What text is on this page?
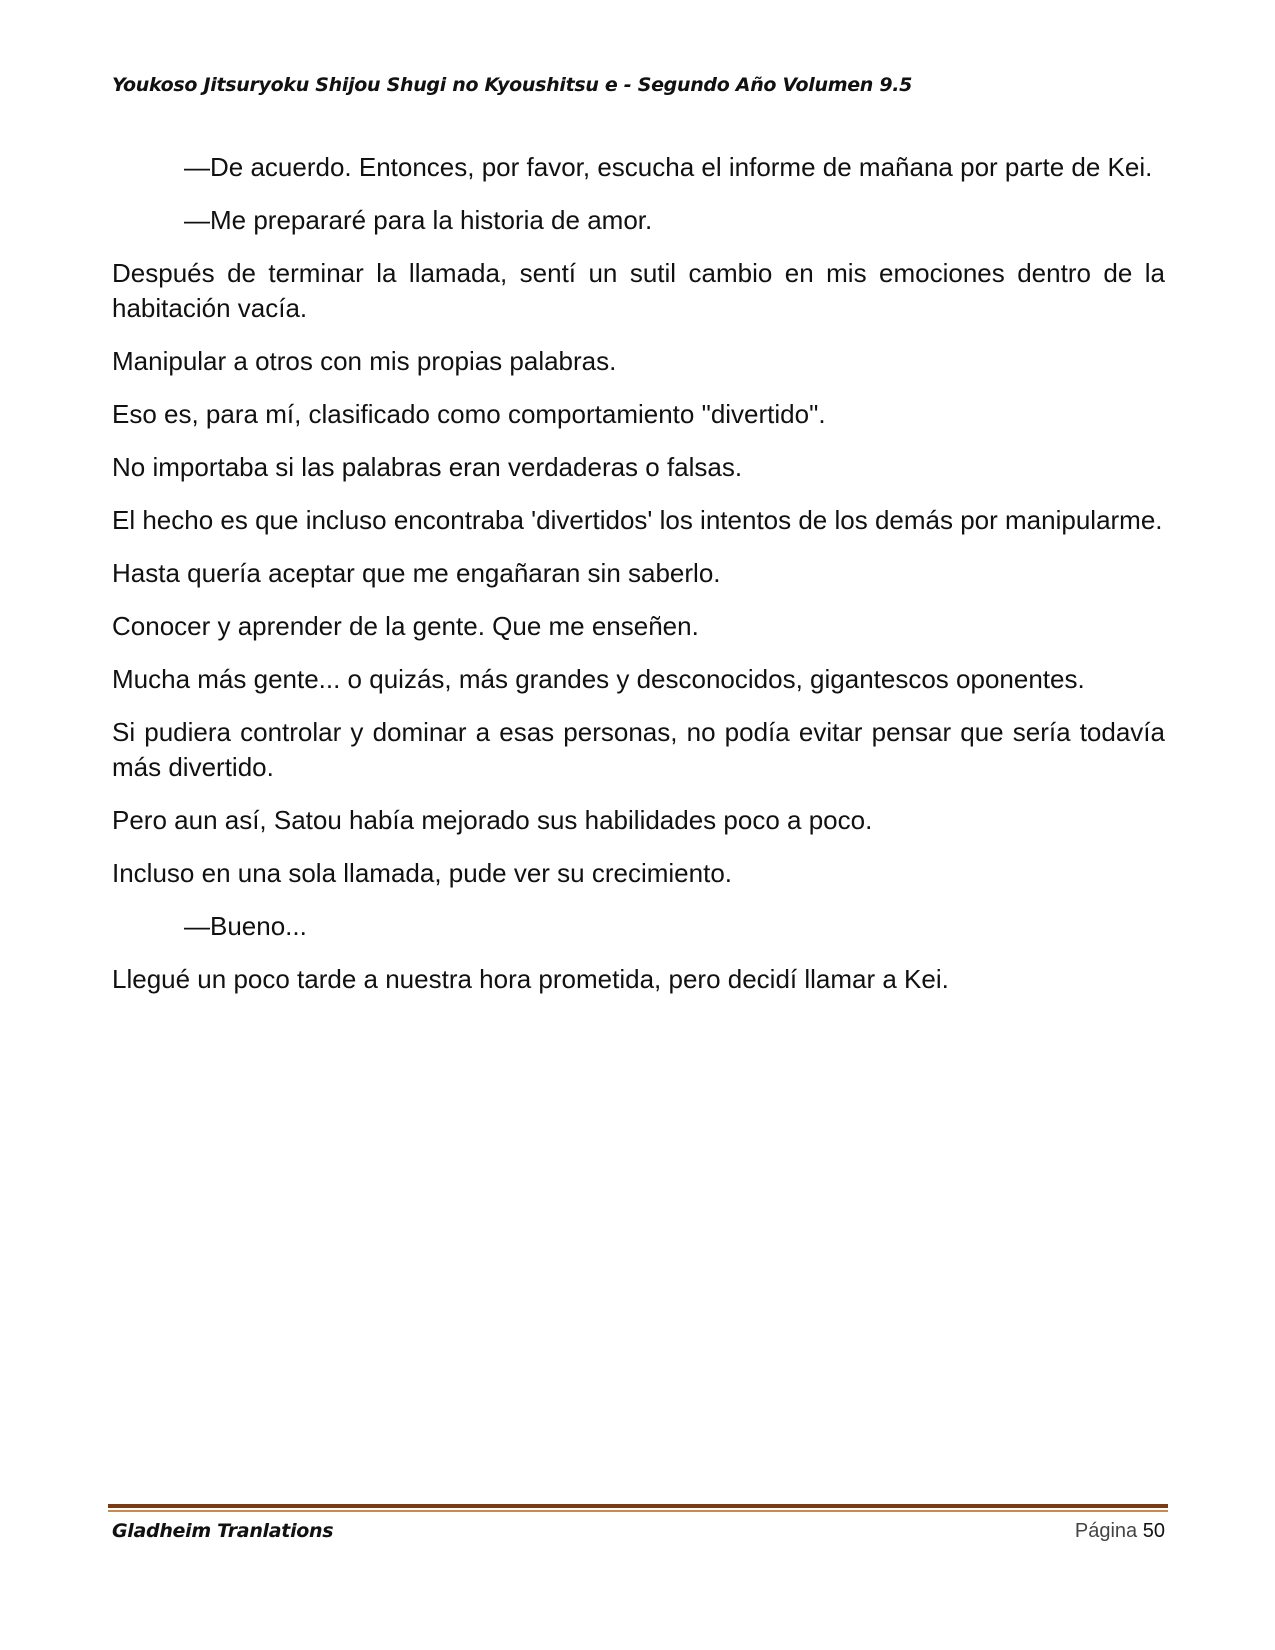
Youkoso Jitsuryoku Shijou Shugi no Kyoushitsu e - Segundo Año Volumen 9.5

—De acuerdo. Entonces, por favor, escucha el informe de mañana por parte de Kei.

—Me prepararé para la historia de amor.

Después de terminar la llamada, sentí un sutil cambio en mis emociones dentro de la habitación vacía.

Manipular a otros con mis propias palabras.

Eso es, para mí, clasificado como comportamiento "divertido".

No importaba si las palabras eran verdaderas o falsas.

El hecho es que incluso encontraba 'divertidos' los intentos de los demás por manipularme.

Hasta quería aceptar que me engañaran sin saberlo.

Conocer y aprender de la gente. Que me enseñen.

Mucha más gente... o quizás, más grandes y desconocidos, gigantescos oponentes.

Si pudiera controlar y dominar a esas personas, no podía evitar pensar que sería todavía más divertido.

Pero aun así, Satou había mejorado sus habilidades poco a poco.

Incluso en una sola llamada, pude ver su crecimiento.

—Bueno...

Llegué un poco tarde a nuestra hora prometida, pero decidí llamar a Kei.

Gladheim Tranlations	Página 50
